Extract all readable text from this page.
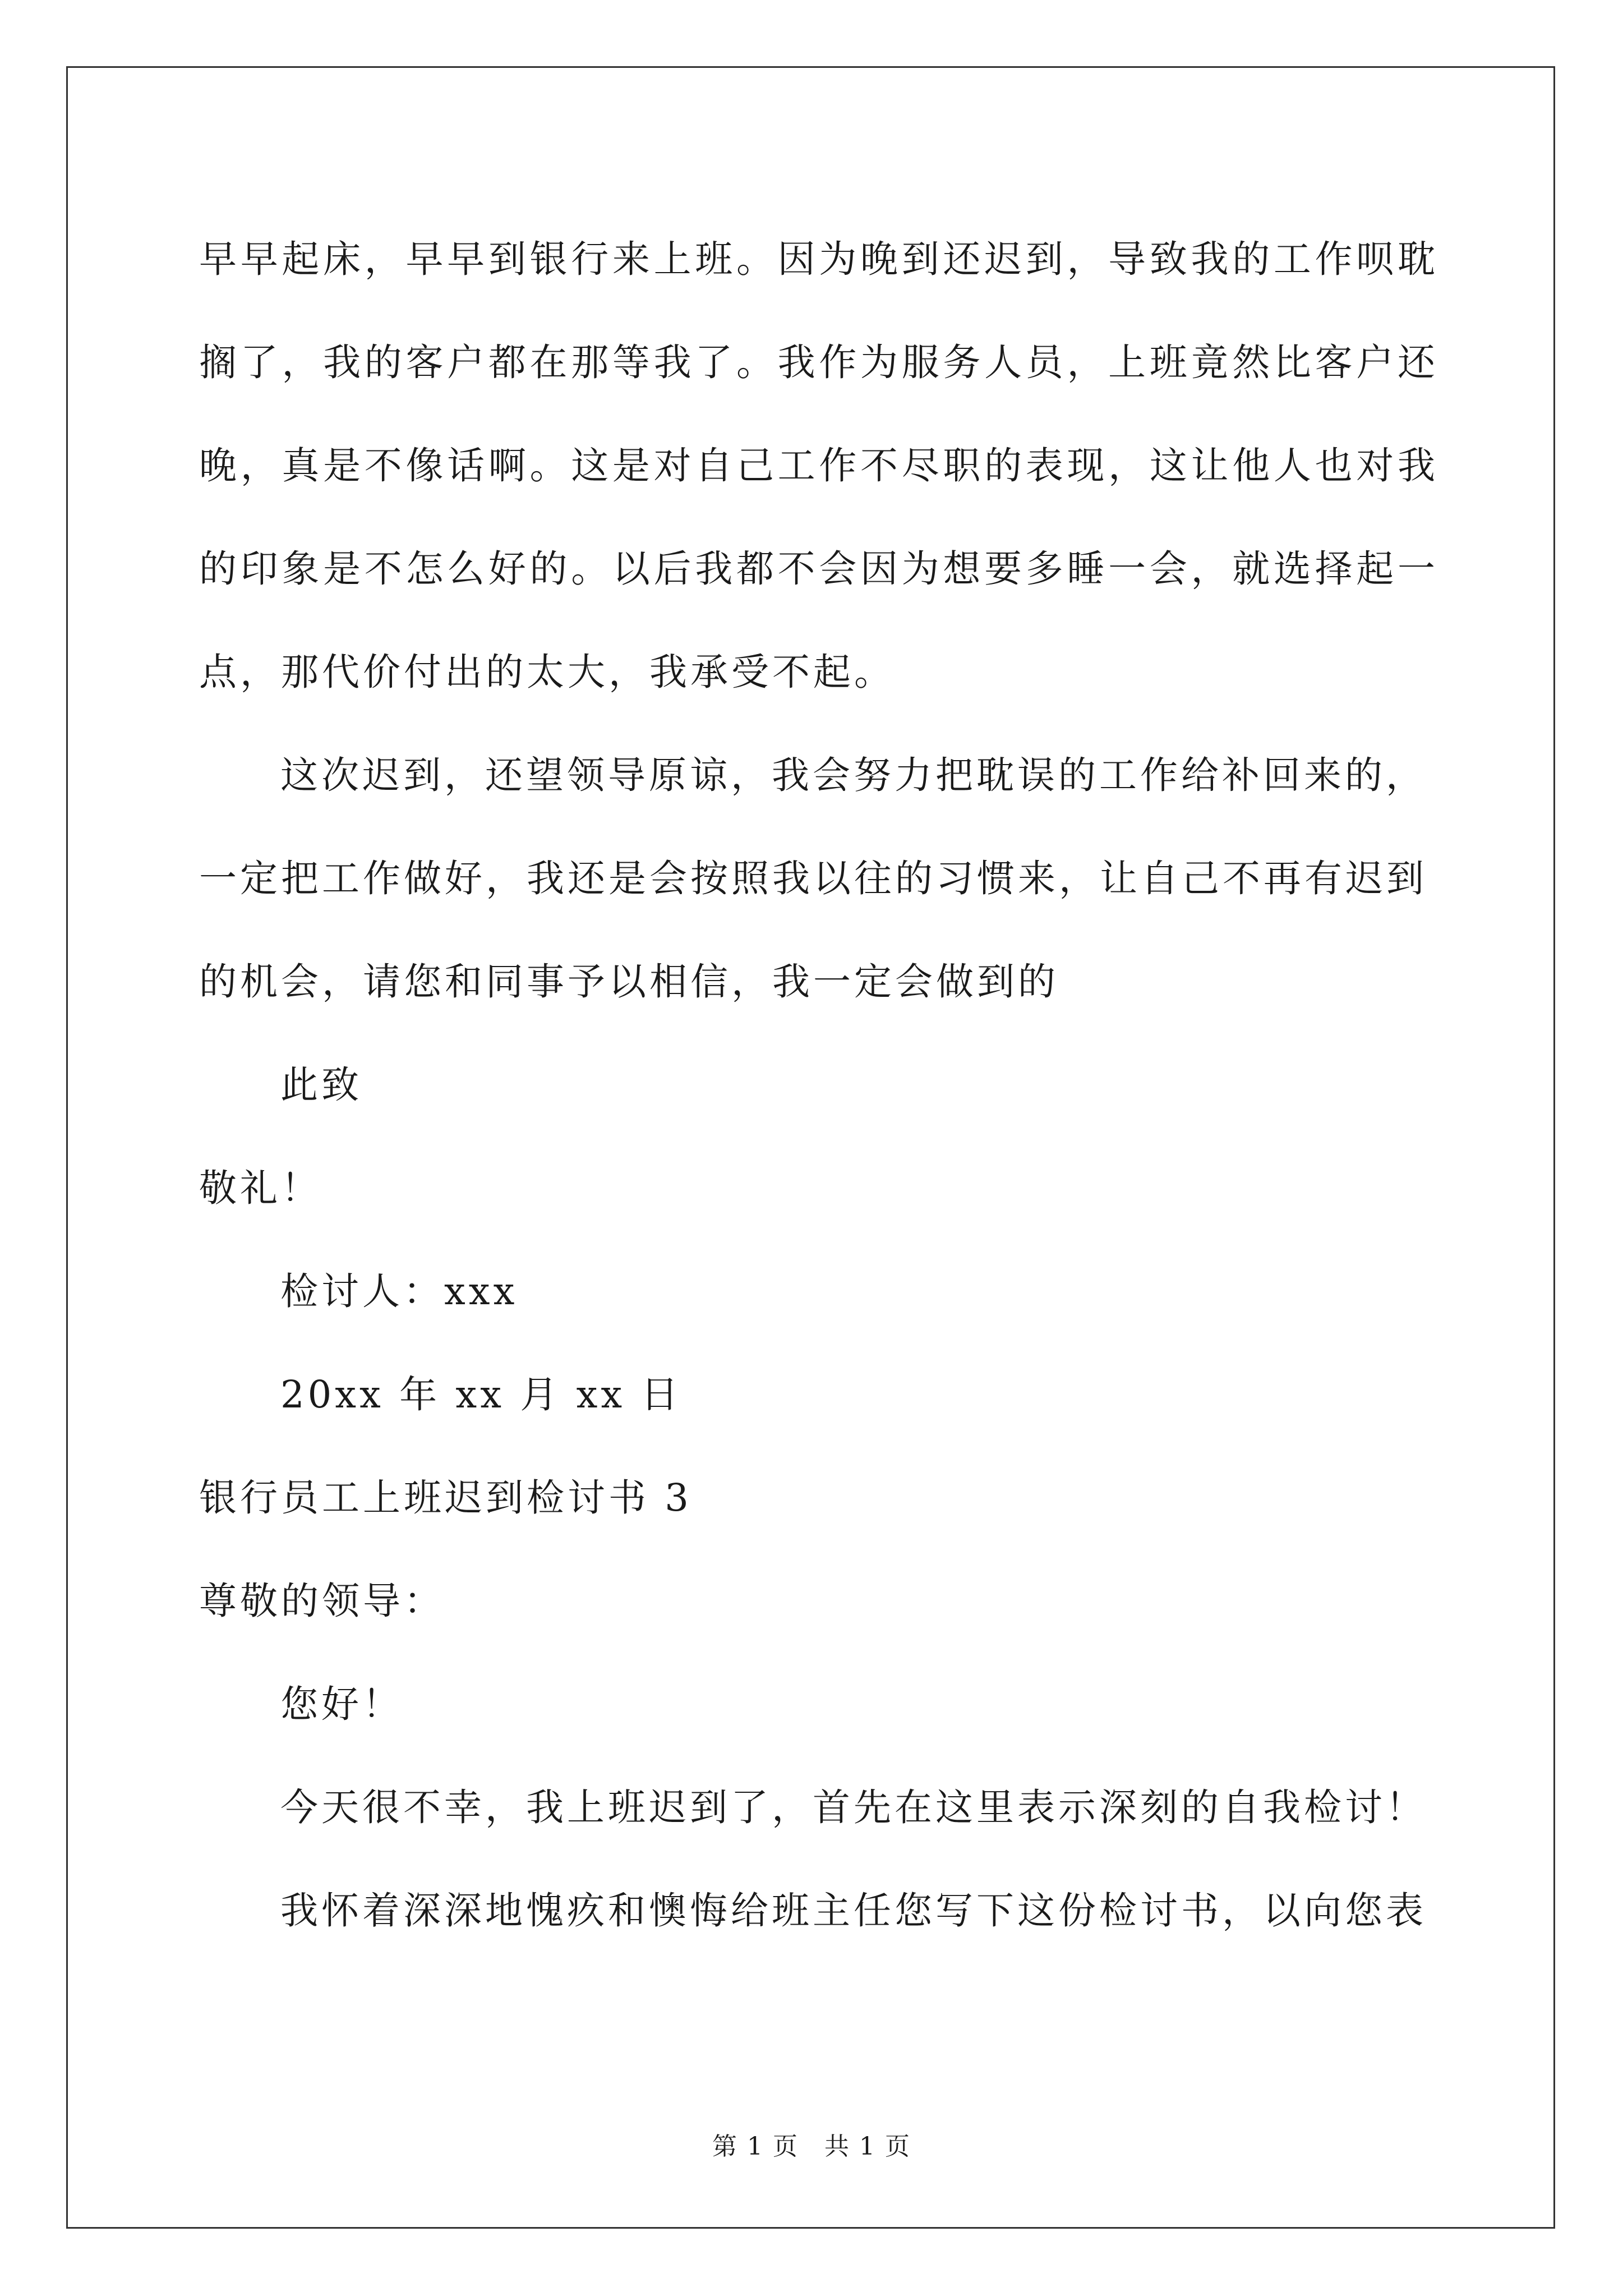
早早起床，早早到银行来上班。因为晚到还迟到，导致我的工作呗耽搁了，我的客户都在那等我了。我作为服务人员，上班竟然比客户还晚，真是不像话啊。这是对自己工作不尽职的表现，这让他人也对我的印象是不怎么好的。以后我都不会因为想要多睡一会，就选择起一点，那代价付出的太大，我承受不起。

这次迟到，还望领导原谅，我会努力把耽误的工作给补回来的，一定把工作做好，我还是会按照我以往的习惯来，让自己不再有迟到的机会，请您和同事予以相信，我一定会做到的

此致

敬礼！

检讨人：xxx

20xx 年 xx 月 xx 日

银行员工上班迟到检讨书 3

尊敬的领导：

您好！

今天很不幸，我上班迟到了，首先在这里表示深刻的自我检讨！

我怀着深深地愧疚和懊悔给班主任您写下这份检讨书，以向您表

第 1 页　共 1 页
